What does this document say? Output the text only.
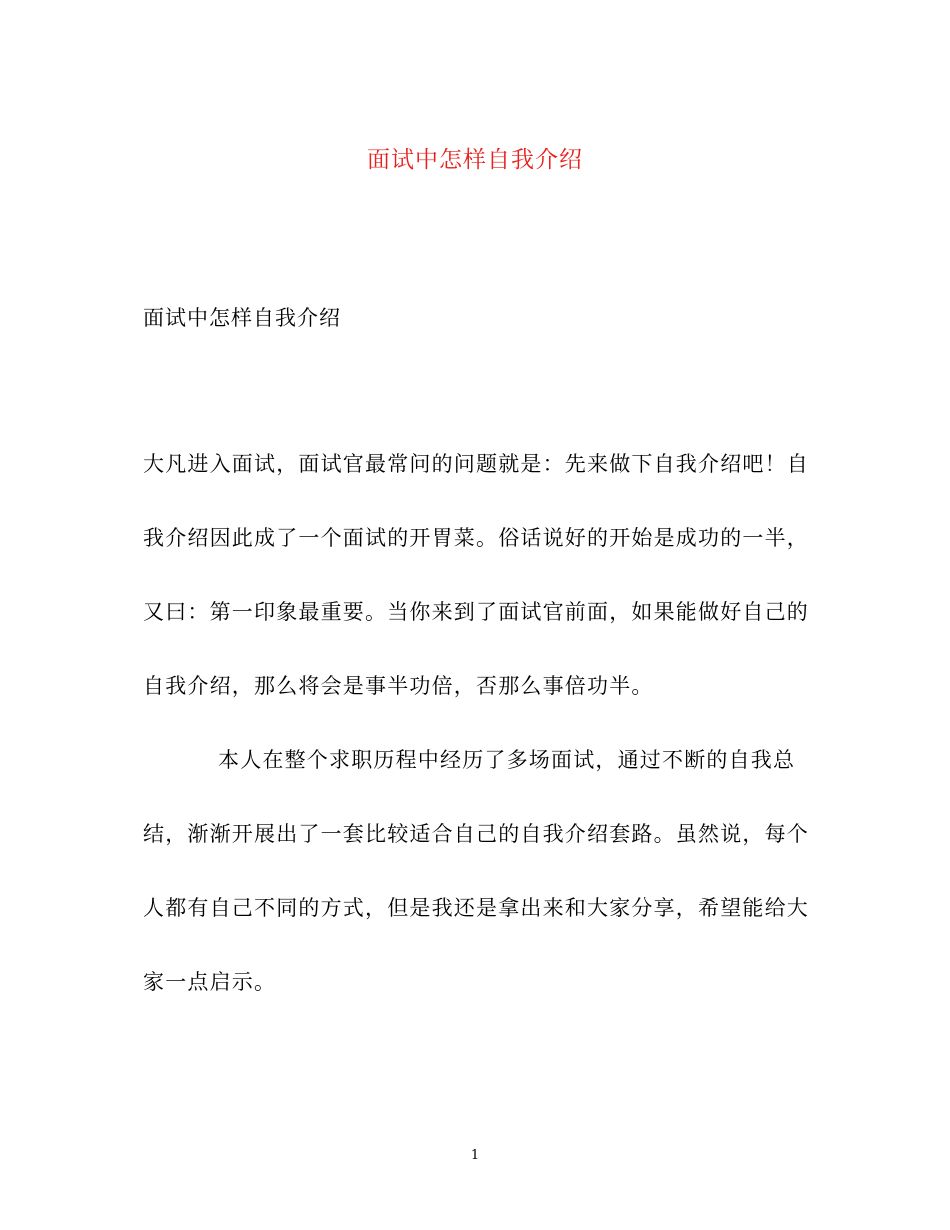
面试中怎样自我介绍
面试中怎样自我介绍
大凡进入面试，面试官最常问的问题就是：先来做下自我介绍吧！自
我介绍因此成了一个面试的开胃菜。俗话说好的开始是成功的一半，
又曰：第一印象最重要。当你来到了面试官前面，如果能做好自己的
自我介绍，那么将会是事半功倍，否那么事倍功半。
本人在整个求职历程中经历了多场面试，通过不断的自我总
结，渐渐开展出了一套比较适合自己的自我介绍套路。虽然说，每个
人都有自己不同的方式，但是我还是拿出来和大家分享，希望能给大
家一点启示。
1
